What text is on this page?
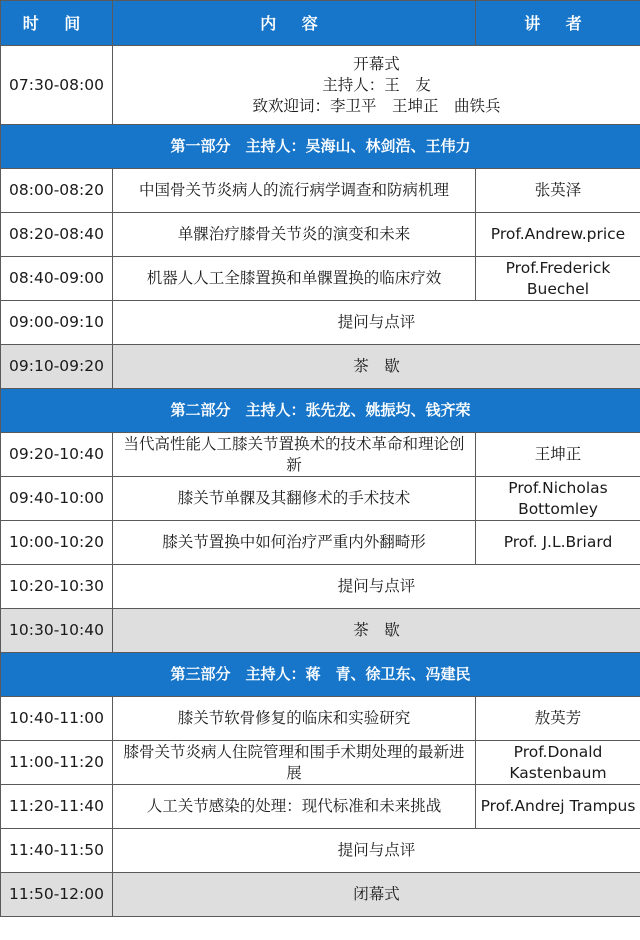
时 间	内 容	讲 者
07:30-08:00	开幕式
主持人：王　友
致欢迎词：李卫平　王坤正　曲铁兵	

第一部分　主持人：吴海山、林剑浩、王伟力		
08:00-08:20	中国骨关节炎病人的流行病学调查和防病机理	张英泽
08:20-08:40	单髁治疗膝骨关节炎的演变和未来	Prof.Andrew.price
08:40-09:00	机器人人工全膝置换和单髁置换的临床疗效	Prof.Frederick Buechel
09:00-09:10	提问与点评	
09:10-09:20	茶　歇	
第二部分　主持人：张先龙、姚振均、钱齐荣		
09:20-10:40	当代高性能人工膝关节置换术的技术革命和理论创新	王坤正
09:40-10:00	膝关节单髁及其翻修术的手术技术	Prof.Nicholas Bottomley
10:00-10:20	膝关节置换中如何治疗严重内外翻畸形	Prof. J.L.Briard
10:20-10:30	提问与点评	
10:30-10:40	茶　歇	
第三部分　主持人：蒋　青、徐卫东、冯建民		
10:40-11:00	膝关节软骨修复的临床和实验研究	敖英芳
11:00-11:20	膝骨关节炎病人住院管理和围手术期处理的最新进展	Prof.Donald Kastenbaum
11:20-11:40	人工关节感染的处理：现代标准和未来挑战	Prof.Andrej Trampus
11:40-11:50	提问与点评	
11:50-12:00	闭幕式	
